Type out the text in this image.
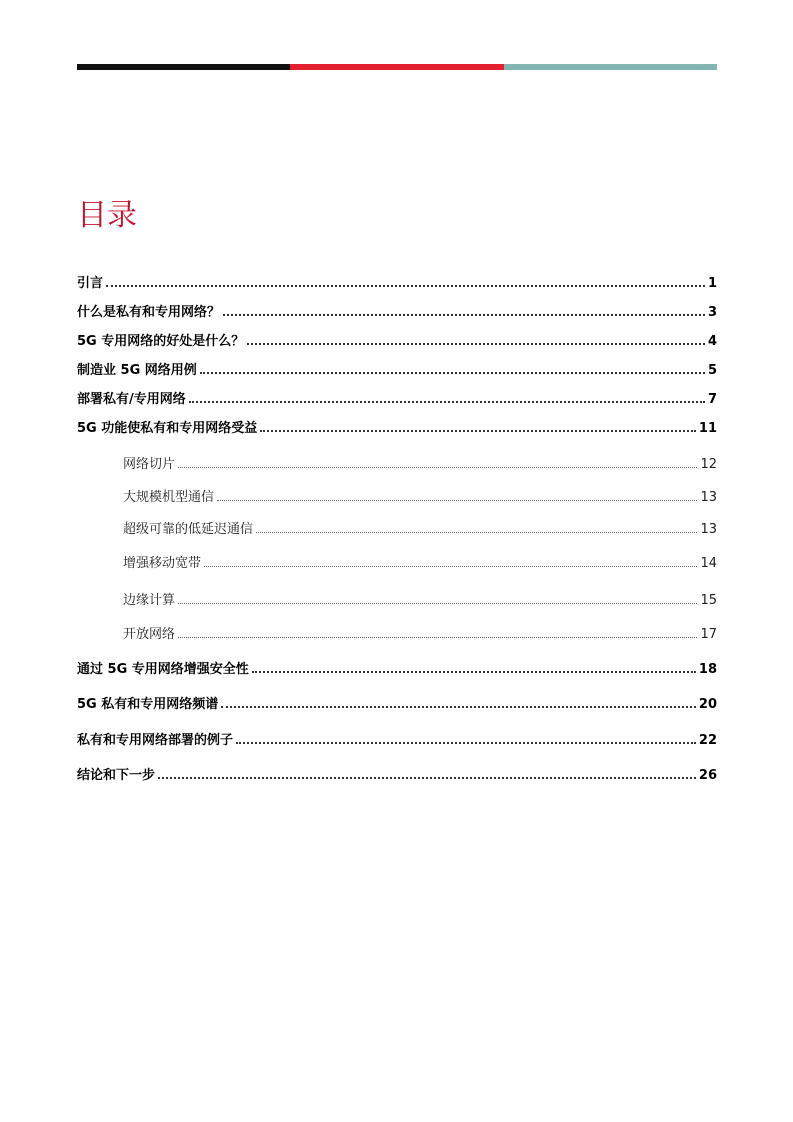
目录
引言	1
什么是私有和专用网络？	3
5G 专用网络的好处是什么？	4
制造业 5G 网络用例	5
部署私有/专用网络	7
5G 功能使私有和专用网络受益	11
网络切片	12
大规模机型通信	13
超级可靠的低延迟通信	13
增强移动宽带	14
边缘计算	15
开放网络	17
通过 5G 专用网络增强安全性	18
5G 私有和专用网络频谱	20
私有和专用网络部署的例子	22
结论和下一步	26
